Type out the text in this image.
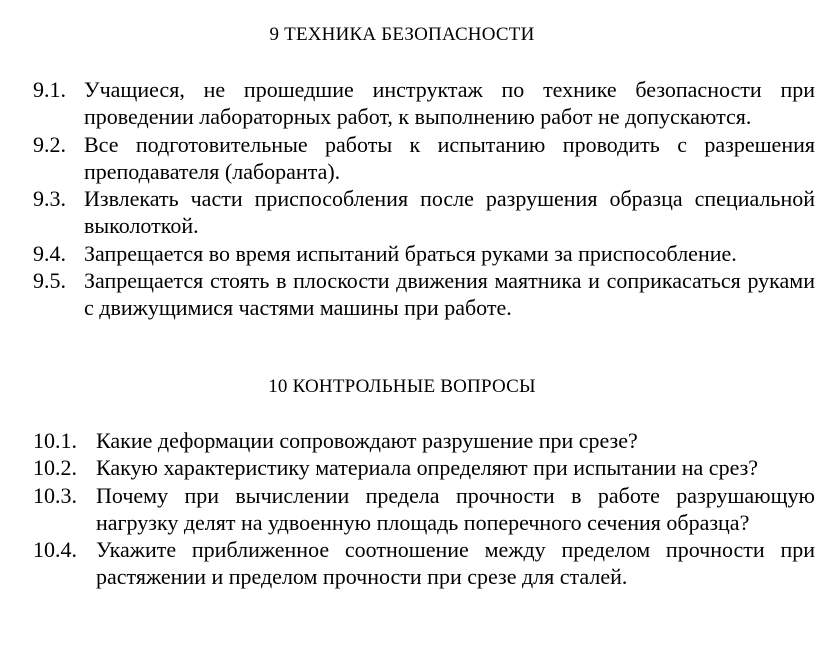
9 ТЕХНИКА БЕЗОПАСНОСТИ
9.1. Учащиеся, не прошедшие инструктаж по технике безопасности при проведении лабораторных работ, к выполнению работ не допускаются.
9.2. Все подготовительные работы к испытанию проводить с разрешения преподавателя (лаборанта).
9.3. Извлекать части приспособления после разрушения образца специальной выколоткой.
9.4. Запрещается во время испытаний браться руками за приспособление.
9.5. Запрещается стоять в плоскости движения маятника и соприкасаться руками с движущимися частями машины при работе.
10 КОНТРОЛЬНЫЕ ВОПРОСЫ
10.1. Какие деформации сопровождают разрушение при срезе?
10.2. Какую характеристику материала определяют при испытании на срез?
10.3. Почему при вычислении предела прочности в работе разрушающую нагрузку делят на удвоенную площадь поперечного сечения образца?
10.4. Укажите приближенное соотношение между пределом прочности при растяжении и пределом прочности при срезе для сталей.
